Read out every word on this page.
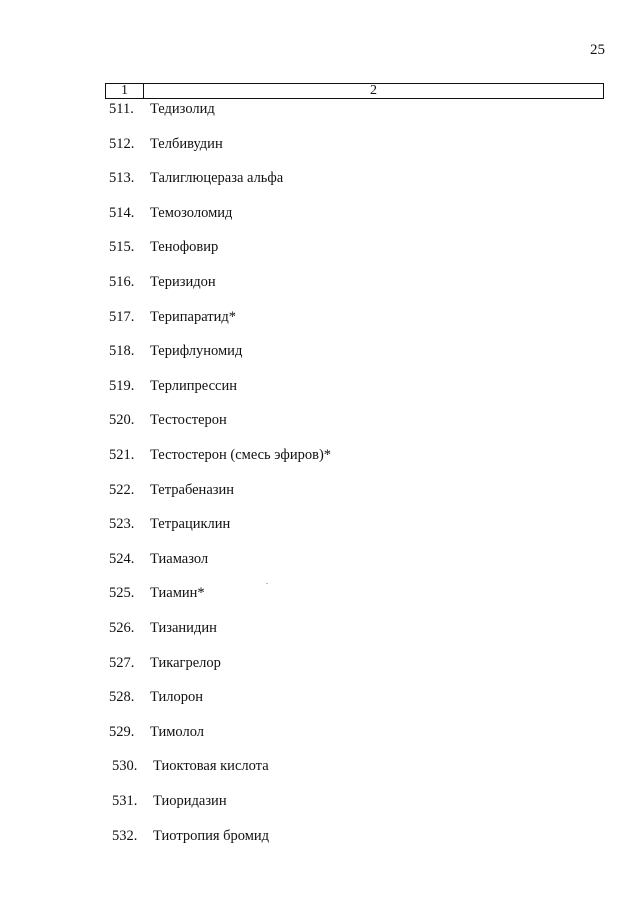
25
1	2
511.	Тедизолид
512.	Телбивудин
513.	Талиглюцераза альфа
514.	Темозоломид
515.	Тенофовир
516.	Теризидон
517.	Терипаратид*
518.	Терифлуномид
519.	Терлипрессин
520.	Тестостерон
521.	Тестостерон (смесь эфиров)*
522.	Тетрабеназин
523.	Тетрациклин
524.	Тиамазол
525.	Тиамин*
526.	Тизанидин
527.	Тикагрелор
528.	Тилорон
529.	Тимолол
530.	Тиоктовая кислота
531.	Тиоридазин
532.	Тиотропия бромид
